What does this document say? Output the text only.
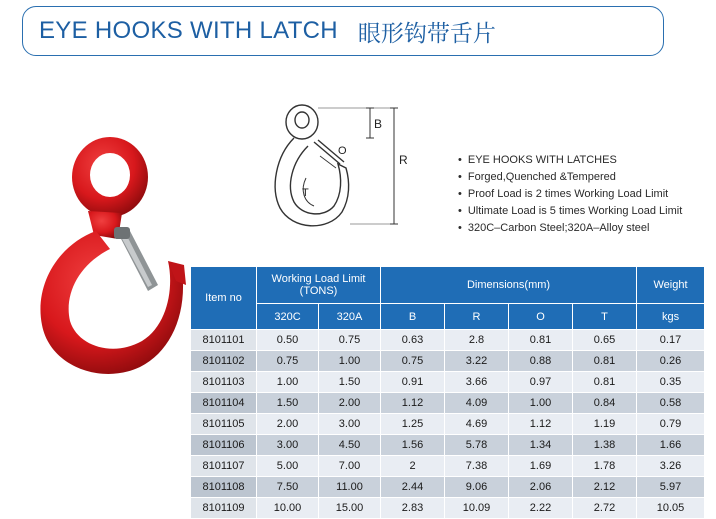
EYE HOOKS WITH LATCH 眼形钩带舌片
B
R
O
T
• EYE HOOKS WITH LATCHES
• Forged,Quenched &Tempered
• Proof Load is 2 times Working Load Limit
• Ultimate Load is 5 times Working Load Limit
• 320C–Carbon Steel;320A–Alloy steel
Item no	Working Load Limit (TONS)		Dimensions(mm)				Weight
	320C	320A	B	R	O	T	kgs
8101101	0.50	0.75	0.63	2.8	0.81	0.65	0.17
8101102	0.75	1.00	0.75	3.22	0.88	0.81	0.26
8101103	1.00	1.50	0.91	3.66	0.97	0.81	0.35
8101104	1.50	2.00	1.12	4.09	1.00	0.84	0.58
8101105	2.00	3.00	1.25	4.69	1.12	1.19	0.79
8101106	3.00	4.50	1.56	5.78	1.34	1.38	1.66
8101107	5.00	7.00	2	7.38	1.69	1.78	3.26
8101108	7.50	11.00	2.44	9.06	2.06	2.12	5.97
8101109	10.00	15.00	2.83	10.09	2.22	2.72	10.05
